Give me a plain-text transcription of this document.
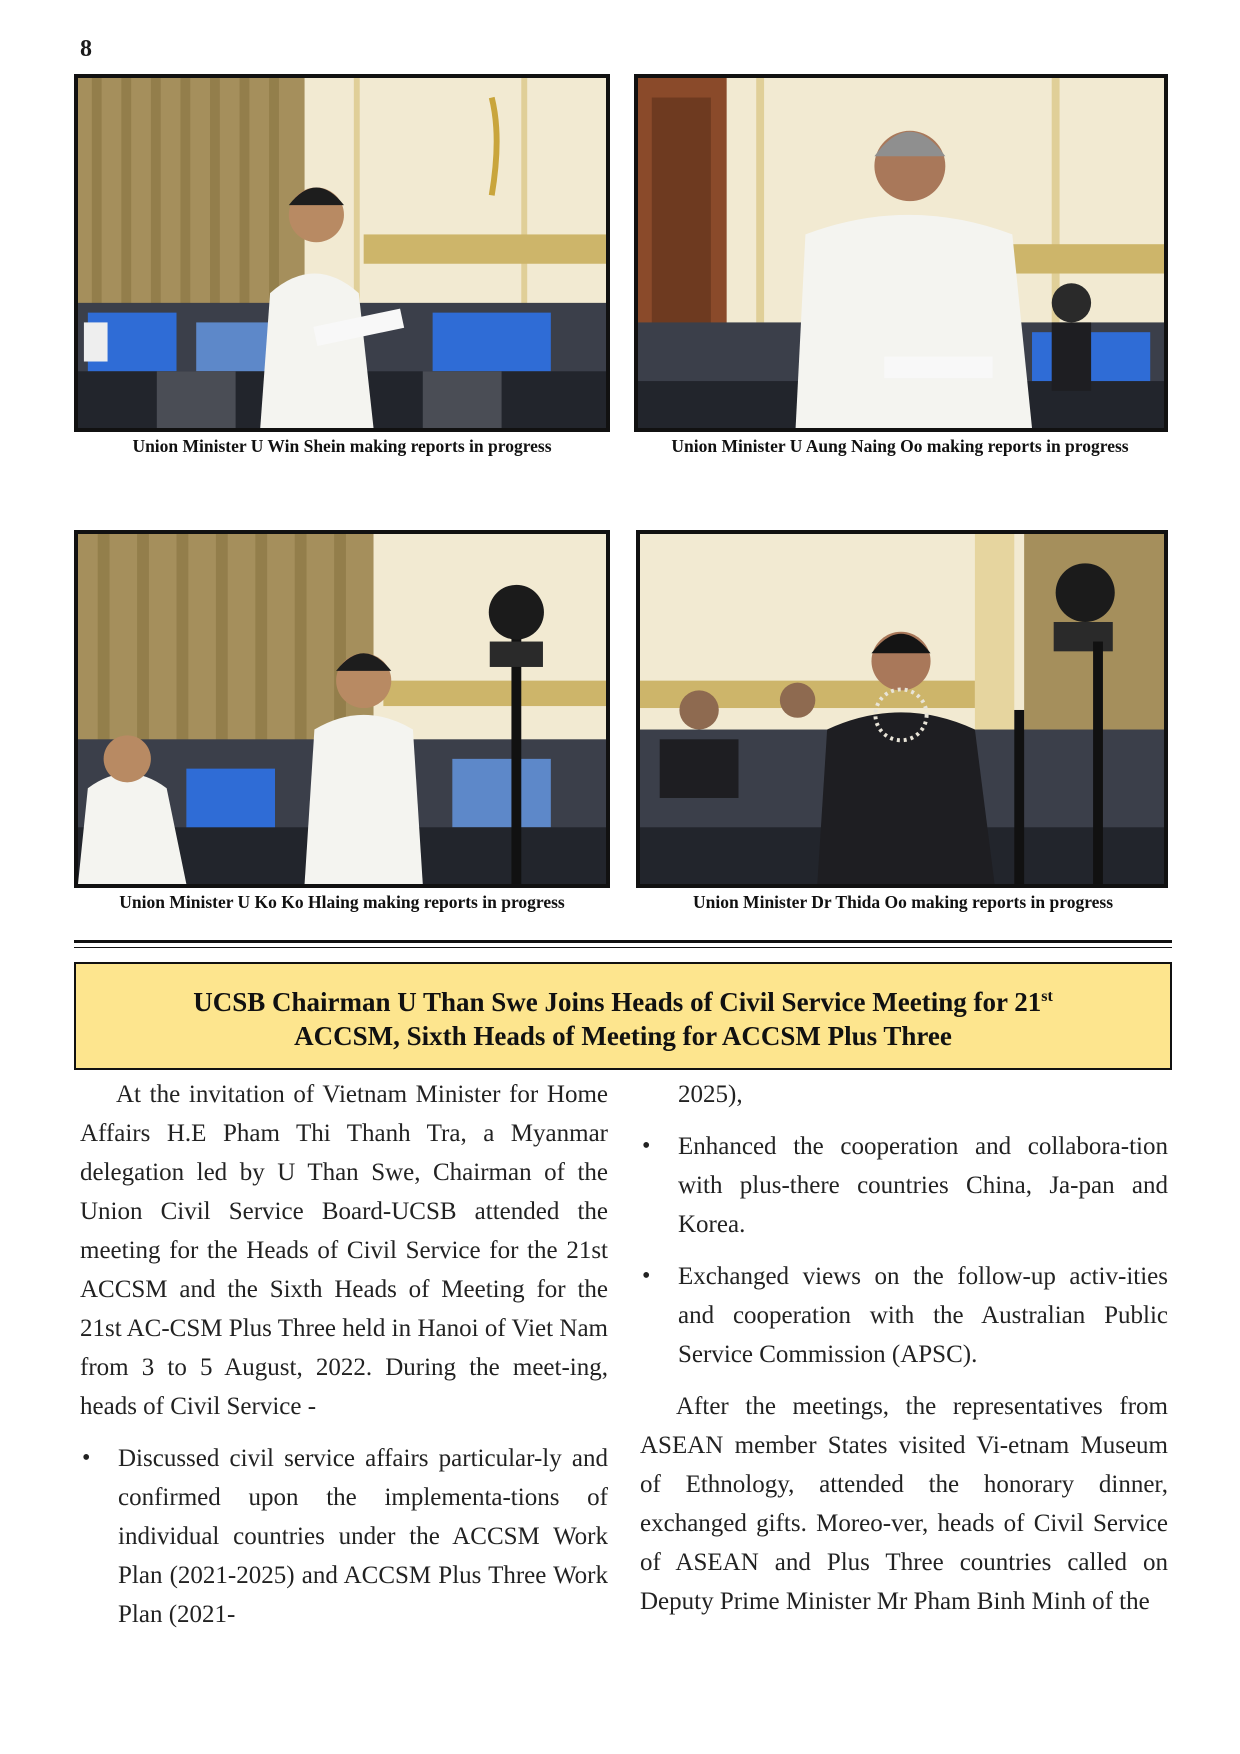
8
Union Minister U Win Shein making reports in progress	Union Minister U Aung Naing Oo making reports in progress
Union Minister U Ko Ko Hlaing making reports in progress	Union Minister Dr Thida Oo making reports in progress
UCSB Chairman U Than Swe Joins Heads of Civil Service Meeting for 21st
ACCSM, Sixth Heads of Meeting for ACCSM Plus Three

At the invitation of Vietnam Minister for Home Affairs H.E Pham Thi Thanh Tra, a Myanmar delegation led by U Than Swe, Chairman of the Union Civil Service Board-UCSB attended the meeting for the Heads of Civil Service for the 21st ACCSM and the Sixth Heads of Meeting for the 21st AC-CSM Plus Three held in Hanoi of Viet Nam from 3 to 5 August, 2022. During the meet-ing, heads of Civil Service -

• Discussed civil service affairs particular-ly and confirmed upon the implementa-tions of individual countries under the ACCSM Work Plan (2021-2025) and ACCSM Plus Three Work Plan (2021-
2025),
• Enhanced the cooperation and collabora-tion with plus-there countries China, Ja-pan and Korea.
• Exchanged views on the follow-up activ-ities and cooperation with the Australian Public Service Commission (APSC).

After the meetings, the representatives from ASEAN member States visited Vi-etnam Museum of Ethnology, attended the honorary dinner, exchanged gifts. Moreo-ver, heads of Civil Service of ASEAN and Plus Three countries called on Deputy Prime Minister Mr Pham Binh Minh of the
